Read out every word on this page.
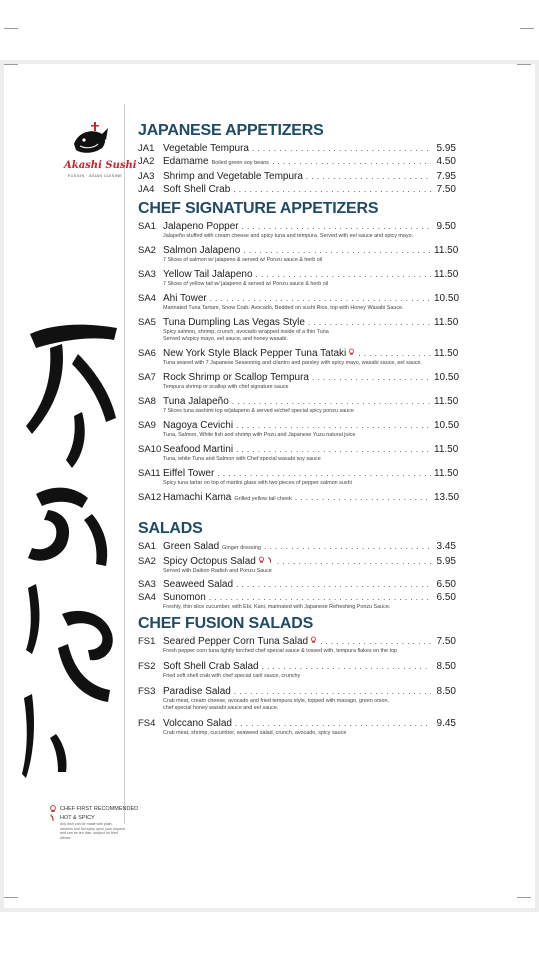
Akashi Sushi
FUSION · ASIAN CUISINE
CHEF FIRST RECOMMENDED
HOT & SPICY
Any dish can be made with plain, medium and hot spicy upon your request and can be ten dish, subject for fried dishes
JAPANESE APPETIZERS
JA1 Vegetable Tempura . . .	5.95
JA2 Edamame Boiled green soy beans . . .	4.50
JA3 Shrimp and Vegetable Tempura . . .	7.95
JA4 Soft Shell Crab . . .	7.50
CHEF SIGNATURE APPETIZERS
SA1 Jalapeno Popper . . .	9.50
Jalapeño stuffed with cream cheese and spicy tuna and tempura. Served with eel sauce and spicy mayo.
SA2 Salmon Jalapeno . . .	11.50
7 Slices of salmon w/ jalapeno & served w/ Ponzu sauce & herb oil
SA3 Yellow Tail Jalapeno . . .	11.50
7 Slices of yellow tail w/ jalapeno & served w/ Ponzu sauce & herb oil
SA4 Ahi Tower . . .	10.50
Marinated Tuna Tartare, Snow Crab, Avocado, Bedded on sushi Rice, top with Honey Wasabi Sauce.
SA5 Tuna Dumpling Las Vegas Style . . .	11.50
Spicy salmon, shrimp, crunch, avocado wrapped inside of a thin Tuna
Served w/spicy mayo, eel sauce, and honey wasabi.
SA6 New York Style Black Pepper Tuna Tataki . . .	11.50
Tuna seared with 7 Japanese Seasoning and cilantro and parsley with spicy mayo, wasabi sauce, eel sauce.
SA7 Rock Shrimp or Scallop Tempura . . .	10.50
Tempura shrimp or scallop with chef signature sauce
SA8 Tuna Jalapeño . . .	11.50
7 Slices tuna sashimi top w/jalapeno & served w/chef special spicy ponzu sauce
SA9 Nagoya Cevichi . . .	10.50
Tuna, Salmon, White fish and shrimp with Pozu and Japanese Yuzu natural juice
SA10 Seafood Martini . . .	11.50
Tuna, white Tuna and Salmon with Chef special wasabi soy sauce
SA11 Eiffel Tower . . .	11.50
Spicy tuna tartar on top of martini glass with two pieces of pepper salmon sushi
SA12 Hamachi Kama Grilled yellow tail cheek . . .	13.50
SALADS
SA1 Green Salad Ginger dressing . . .	3.45
SA2 Spicy Octopus Salad . . .	5.95
Served with Daikon Radish and Ponzu Sauce
SA3 Seaweed Salad . . .	6.50
SA4 Sunomon . . .	6.50
Freshly, thin slice cucumber, with Ebi, Kani, marinated with Japanese Refreshing Ponzu Sauce.
CHEF FUSION SALADS
FS1 Seared Pepper Corn Tuna Salad . . .	7.50
Fresh pepper corn tuna lightly torched chef special sauce & tossed with, tempura flakes on the top
FS2 Soft Shell Crab Salad . . .	8.50
Fried soft shell crab with chef special caril sauce, crunchy
FS3 Paradise Salad . . .	8.50
Crab meat, cream cheese, avocado and fried tempura style, topped with masago, green onion,
chef special honey wasabi sauce and eel sauce.
FS4 Volccano Salad . . .	9.45
Crab meat, shrimp, cucumber, seaweed salad, crunch, avocado, spicy sauce
